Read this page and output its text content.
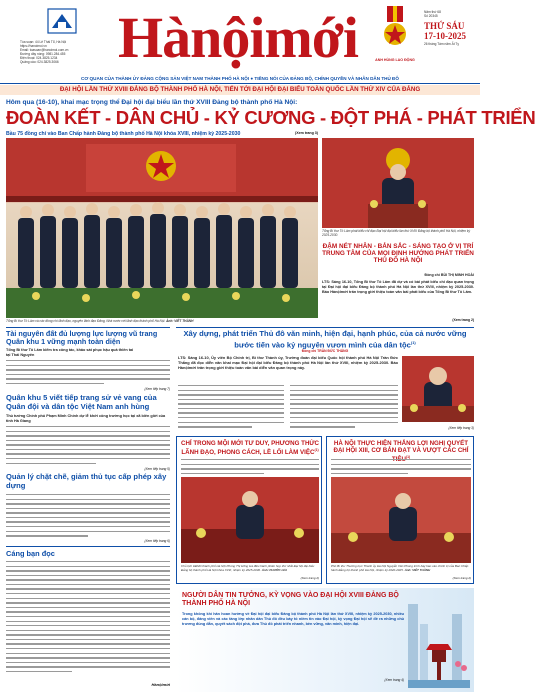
Tòa soạn: 44 Lê Thái Tổ, Hà Nội
https://hanoimoi.vn
Email: toasoan@hanoimoi.com.vn
Đường dây nóng: 0981.284.455
Điện thoại: 024.3825.1234
Quảng cáo: 024.3825.3066	Hànộimới	ANH HÙNG LAO ĐỘNG
Năm thứ 68
Số 20345
THỨ SÁU
17-10-2025
26 tháng Tám năm Ất Tỵ
CƠ QUAN CỦA THÀNH ỦY ĐẢNG CỘNG SẢN VIỆT NAM THÀNH PHỐ HÀ NỘI ● TIẾNG NÓI CỦA ĐẢNG BỘ, CHÍNH QUYỀN VÀ NHÂN DÂN THỦ ĐÔ
ĐẠI HỘI LẦN THỨ XVIII ĐẢNG BỘ THÀNH PHỐ HÀ NỘI, TIẾN TỚI ĐẠI HỘI ĐẠI BIỂU TOÀN QUỐC LẦN THỨ XIV CỦA ĐẢNG
Hôm qua (16-10), khai mạc trọng thể Đại hội đại biểu lần thứ XVIII Đảng bộ thành phố Hà Nội:
ĐOÀN KẾT - DÂN CHỦ - KỶ CƯƠNG - ĐỘT PHÁ - PHÁT TRIỂN
Bầu 75 đồng chí vào Ban Chấp hành Đảng bộ thành phố Hà Nội khóa XVIII, nhiệm kỳ 2025-2030	(Xem trang 3)
Tổng Bí thư Tô Lâm và các đồng chí lãnh đạo, nguyên lãnh đạo Đảng, Nhà nước với lãnh đạo thành phố Hà Nội. Ảnh: VIẾT THÀNH
Tổng Bí thư Tô Lâm phát biểu chỉ đạo Đại hội đại biểu lần thứ XVIII Đảng bộ thành phố Hà Nội, nhiệm kỳ 2025-2030.
ĐẬM NÉT NHÂN - BẢN SẮC - SÁNG TẠO Ở VỊ TRÍ TRUNG TÂM CỦA MỌI ĐỊNH HƯỚNG PHÁT TRIỂN THỦ ĐÔ HÀ NỘI
Đồng chí BÙI THỊ MINH HOÀI
LTS: Sáng 16-10, Tổng Bí thư Tô Lâm đã dự và có bài phát biểu chỉ đạo quan trọng tại Đại hội đại biểu Đảng bộ thành phố Hà Nội lần thứ XVIII, nhiệm kỳ 2025-2030. Báo Hànộimới trân trọng giới thiệu toàn văn bài phát biểu của Tổng Bí thư Tô Lâm.
(Xem trang 2)
Tài nguyên đất đủ lượng lực lượng vũ trang Quân khu 1 vững mạnh toàn diện
Tổng Bí thư Tô Lâm kiểm tra công tác, khảo sát phục hậu quả thiên tai
tại Thái Nguyên
(Xem tiếp trang 7)
Quân khu 5 viết tiếp trang sử vẻ vang của Quân đội và dân tộc Việt Nam anh hùng
Thủ tướng Chính phủ Phạm Minh Chính dự lễ khởi công trường học tại xã biên giới của tỉnh Hà Giang
(Xem tiếp trang 5)
Quản lý chặt chẽ, giảm thủ tục cấp phép xây dựng
(Xem tiếp trang 6)
Cáng bạn đọc
Hànộimới
Xây dựng, phát triển Thủ đô văn minh, hiện đại, hạnh phúc, của cả nước vững bước tiến vào kỷ nguyên vươn mình của dân tộc$^{(1)}$
Đồng chí TRẦN ĐỨC THẮNG
LTS: Sáng 16-10, Ủy viên Bộ Chính trị, Bí thư Thành ủy, Trưởng đoàn đại biểu Quốc hội thành phố Hà Nội Trần Đức Thắng đã đọc diễn văn khai mạc Đại hội đại biểu Đảng bộ thành phố Hà Nội lần thứ XVIII, nhiệm kỳ 2025-2030. Báo Hànộimới trân trọng giới thiệu toàn văn bài diễn văn quan trọng này.
(Xem tiếp trang 3)
CHỈ TRONG MỘI MỚI TƯ DUY, PHƯƠNG THỨC LÃNH ĐẠO, PHONG CÁCH, LỀ LỐI LÀM VIỆC$^{(1)}$
Chủ tịch HĐND thành phố Hà Nội Phùng Thị Hồng Hà điều hành phiên họp thứ nhất Đại hội đại biểu Đảng bộ thành phố Hà Nội khóa XVIII, nhiệm kỳ 2025-2030. Ảnh: PHƯỚC HẢI
(Xem trang 2)
HÀ NỘI THỰC HIỆN THẮNG LỢI NGHỊ QUYẾT ĐẠI HỘI XIII, CƠ BẢN ĐẠT VÀ VƯỢT CÁC CHỈ $^{(1)}$
Phó Bí thư Thường trực Thành ủy Hà Nội Nguyễn Văn Phong trình bày báo cáo chính trị của Ban Chấp hành Đảng bộ thành phố Hà Nội, nhiệm kỳ 2020-2025. Ảnh: VIẾT THÀNH
(Xem trang 2)
NGƯỜI DÂN TIN TƯỞNG, KỲ VỌNG VÀO ĐẠI HỘI XVIII ĐẢNG BỘ THÀNH PHỐ HÀ NỘI
Trong không khí hân hoan hướng về Đại hội đại biểu Đảng bộ thành phố Hà Nội lần thứ XVIII, nhiệm kỳ 2025-2030, nhiều cán bộ, đảng viên và các tầng lớp nhân dân Thủ đô đều bày tỏ niềm tin vào Đại hội, kỳ vọng Đại hội sẽ đề ra những chủ trương đúng đắn, quyết sách đột phá, đưa Thủ đô phát triển nhanh, bền vững, văn minh, hiện đại.
(Xem trang 4)
